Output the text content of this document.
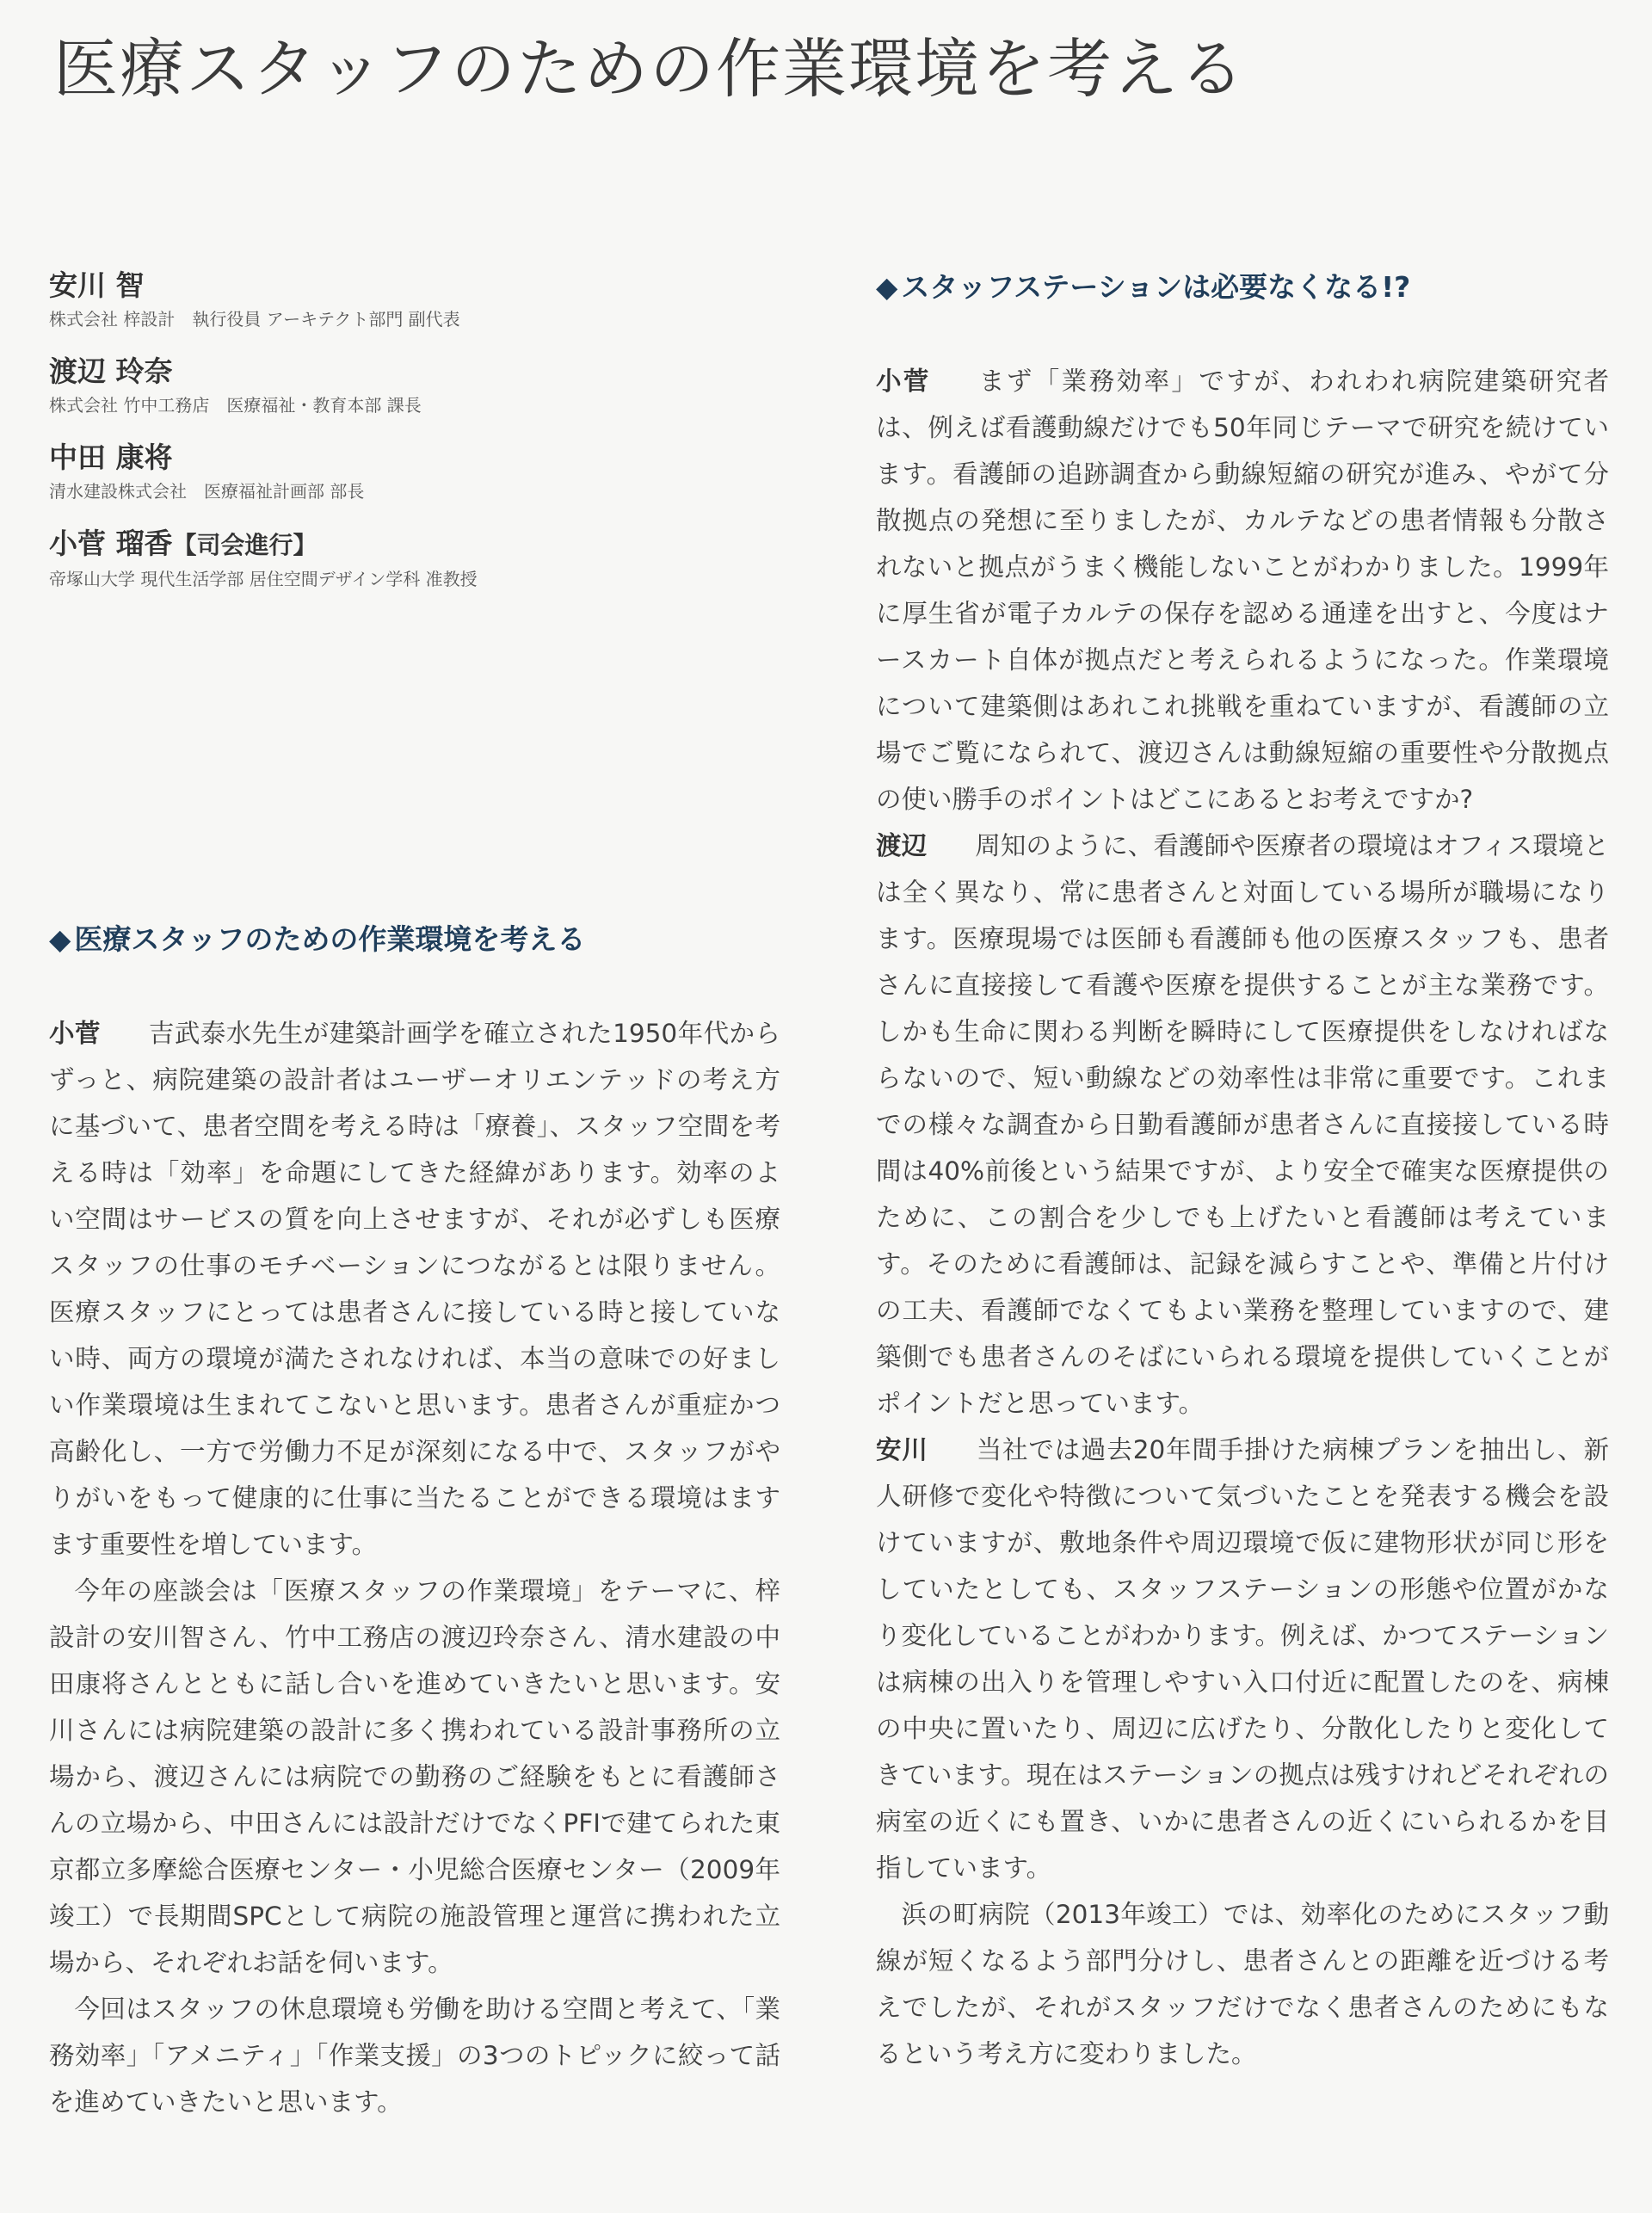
医療スタッフのための作業環境を考える
安川 智
株式会社 梓設計　執行役員 アーキテクト部門 副代表
渡辺 玲奈
株式会社 竹中工務店　医療福祉・教育本部 課長
中田 康将
清水建設株式会社　医療福祉計画部 部長
小菅 瑠香【司会進行】
帝塚山大学 現代生活学部 居住空間デザイン学科 准教授
◆ 医療スタッフのための作業環境を考える

小菅 吉武泰水先生が建築計画学を確立された1950年代からずっと、病院建築の設計者はユーザーオリエンテッドの考え方に基づいて、患者空間を考える時は「療養」、スタッフ空間を考える時は「効率」を命題にしてきた経緯があります。効率のよい空間はサービスの質を向上させますが、それが必ずしも医療スタッフの仕事のモチベーションにつながるとは限りません。医療スタッフにとっては患者さんに接している時と接していない時、両方の環境が満たされなければ、本当の意味での好ましい作業環境は生まれてこないと思います。患者さんが重症かつ高齢化し、一方で労働力不足が深刻になる中で、スタッフがやりがいをもって健康的に仕事に当たることができる環境はますます重要性を増しています。

今年の座談会は「医療スタッフの作業環境」をテーマに、梓設計の安川智さん、竹中工務店の渡辺玲奈さん、清水建設の中田康将さんとともに話し合いを進めていきたいと思います。安川さんには病院建築の設計に多く携われている設計事務所の立場から、渡辺さんには病院での勤務のご経験をもとに看護師さんの立場から、中田さんには設計だけでなくPFIで建てられた東京都立多摩総合医療センター・小児総合医療センター（2009年竣工）で長期間SPCとして病院の施設管理と運営に携われた立場から、それぞれお話を伺います。

今回はスタッフの休息環境も労働を助ける空間と考えて、「業務効率」「アメニティ」「作業支援」の3つのトピックに絞って話を進めていきたいと思います。

◆ スタッフステーションは必要なくなる!?

小菅 まず「業務効率」ですが、われわれ病院建築研究者は、例えば看護動線だけでも50年同じテーマで研究を続けています。看護師の追跡調査から動線短縮の研究が進み、やがて分散拠点の発想に至りましたが、カルテなどの患者情報も分散されないと拠点がうまく機能しないことがわかりました。1999年に厚生省が電子カルテの保存を認める通達を出すと、今度はナースカート自体が拠点だと考えられるようになった。作業環境について建築側はあれこれ挑戦を重ねていますが、看護師の立場でご覧になられて、渡辺さんは動線短縮の重要性や分散拠点の使い勝手のポイントはどこにあるとお考えですか?

渡辺 周知のように、看護師や医療者の環境はオフィス環境とは全く異なり、常に患者さんと対面している場所が職場になります。医療現場では医師も看護師も他の医療スタッフも、患者さんに直接接して看護や医療を提供することが主な業務です。しかも生命に関わる判断を瞬時にして医療提供をしなければならないので、短い動線などの効率性は非常に重要です。これまでの様々な調査から日勤看護師が患者さんに直接接している時間は40%前後という結果ですが、より安全で確実な医療提供のために、この割合を少しでも上げたいと看護師は考えています。そのために看護師は、記録を減らすことや、準備と片付けの工夫、看護師でなくてもよい業務を整理していますので、建築側でも患者さんのそばにいられる環境を提供していくことがポイントだと思っています。

安川 当社では過去20年間手掛けた病棟プランを抽出し、新人研修で変化や特徴について気づいたことを発表する機会を設けていますが、敷地条件や周辺環境で仮に建物形状が同じ形をしていたとしても、スタッフステーションの形態や位置がかなり変化していることがわかります。例えば、かつてステーションは病棟の出入りを管理しやすい入口付近に配置したのを、病棟の中央に置いたり、周辺に広げたり、分散化したりと変化してきています。現在はステーションの拠点は残すけれどそれぞれの病室の近くにも置き、いかに患者さんの近くにいられるかを目指しています。

浜の町病院（2013年竣工）では、効率化のためにスタッフ動線が短くなるよう部門分けし、患者さんとの距離を近づける考えでしたが、それがスタッフだけでなく患者さんのためにもなるという考え方に変わりました。
